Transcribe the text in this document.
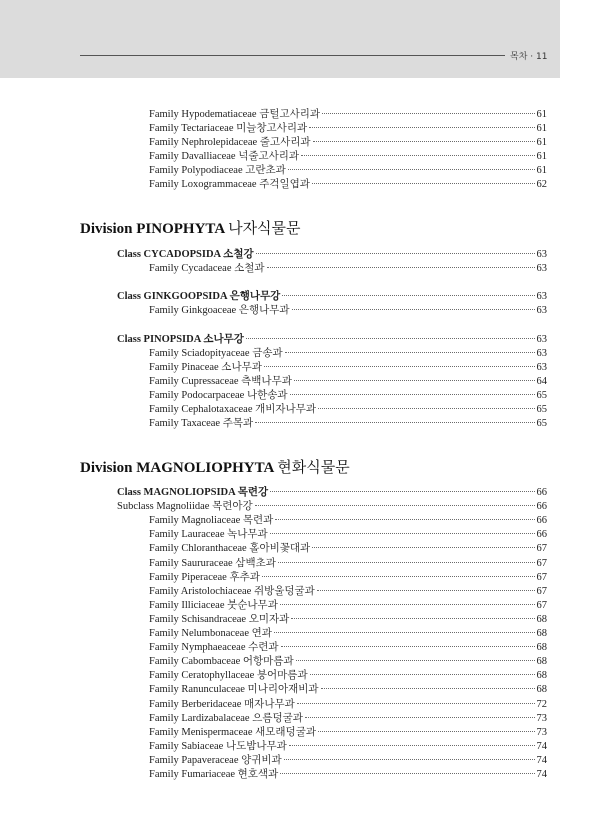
목차 · 11
Family Hypodematiaceae 금털고사리과	61
Family Tectariaceae 미늘창고사리과	61
Family Nephrolepidaceae 줄고사리과	61
Family Davalliaceae 넉줄고사리과	61
Family Polypodiaceae 고란초과	61
Family Loxogrammaceae 주걱일엽과	62
Division PINOPHYTA 나자식물문
Class CYCADOPSIDA 소철강	63
Family Cycadaceae 소철과	63
Class GINKGOOPSIDA 은행나무강	63
Family Ginkgoaceae 은행나무과	63
Class PINOPSIDA 소나무강	63
Family Sciadopityaceae 금송과	63
Family Pinaceae 소나무과	63
Family Cupressaceae 측백나무과	64
Family Podocarpaceae 나한송과	65
Family Cephalotaxaceae 개비자나무과	65
Family Taxaceae 주목과	65
Division MAGNOLIOPHYTA 현화식물문
Class MAGNOLIOPSIDA 목련강	66
Subclass Magnoliidae 목련아강	66
Family Magnoliaceae 목련과	66
Family Lauraceae 녹나무과	66
Family Chloranthaceae 홀아비꽃대과	67
Family Saururaceae 삼백초과	67
Family Piperaceae 후추과	67
Family Aristolochiaceae 쥐방울덩굴과	67
Family Illiciaceae 붓순나무과	67
Family Schisandraceae 오미자과	68
Family Nelumbonaceae 연과	68
Family Nymphaeaceae 수련과	68
Family Cabombaceae 어항마름과	68
Family Ceratophyllaceae 붕어마름과	68
Family Ranunculaceae 미나리아재비과	68
Family Berberidaceae 매자나무과	72
Family Lardizabalaceae 으름덩굴과	73
Family Menispermaceae 새모래덩굴과	73
Family Sabiaceae 나도밤나무과	74
Family Papaveraceae 양귀비과	74
Family Fumariaceae 현호색과	74
